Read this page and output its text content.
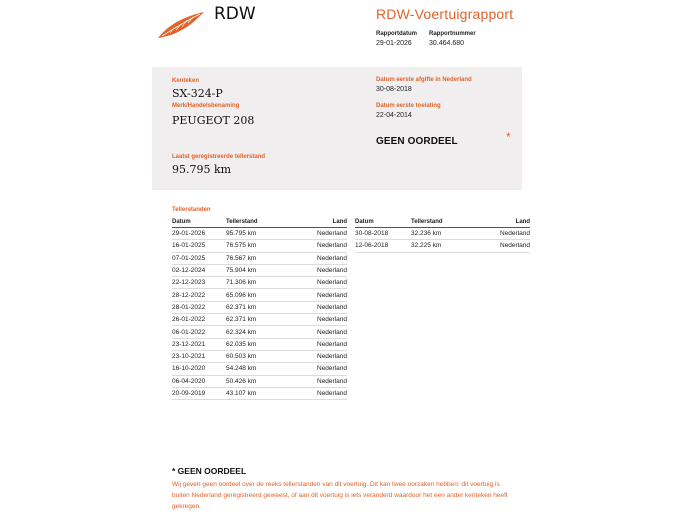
RDW	RDW-Voertuigrapport
Rapportdatum
29-01-2026
Rapportnummer
30.464.680
Kenteken
SX-324-P
Merk/Handelsbenaming
PEUGEOT 208
Laatst geregistreerde tellerstand
95.795 km
Datum eerste afgifte in Nederland
30-08-2018
Datum eerste toelating
22-04-2014
GEEN OORDEEL	*
Tellerstanden
Datum	Tellerstand	Land
29-01-2026	95.795 km	Nederland
16-01-2025	76.575 km	Nederland
07-01-2025	76.567 km	Nederland
02-12-2024	75.904 km	Nederland
22-12-2023	71.306 km	Nederland
28-12-2022	65.096 km	Nederland
28-01-2022	62.371 km	Nederland
26-01-2022	62.371 km	Nederland
06-01-2022	62.324 km	Nederland
23-12-2021	62.035 km	Nederland
23-10-2021	60.503 km	Nederland
16-10-2020	54.248 km	Nederland
06-04-2020	50.426 km	Nederland
20-09-2019	43.107 km	Nederland
Datum	Tellerstand	Land
30-08-2018	32.236 km	Nederland
12-06-2018	32.225 km	Nederland
* GEEN OORDEEL
Wij geven geen oordeel over de reeks tellerstanden van dit voertuig. Dit kan twee oorzaken hebben: dit voertuig is buiten Nederland geregistreerd geweest, of aan dit voertuig is iets veranderd waardoor het een ander kenteken heeft gekregen.
